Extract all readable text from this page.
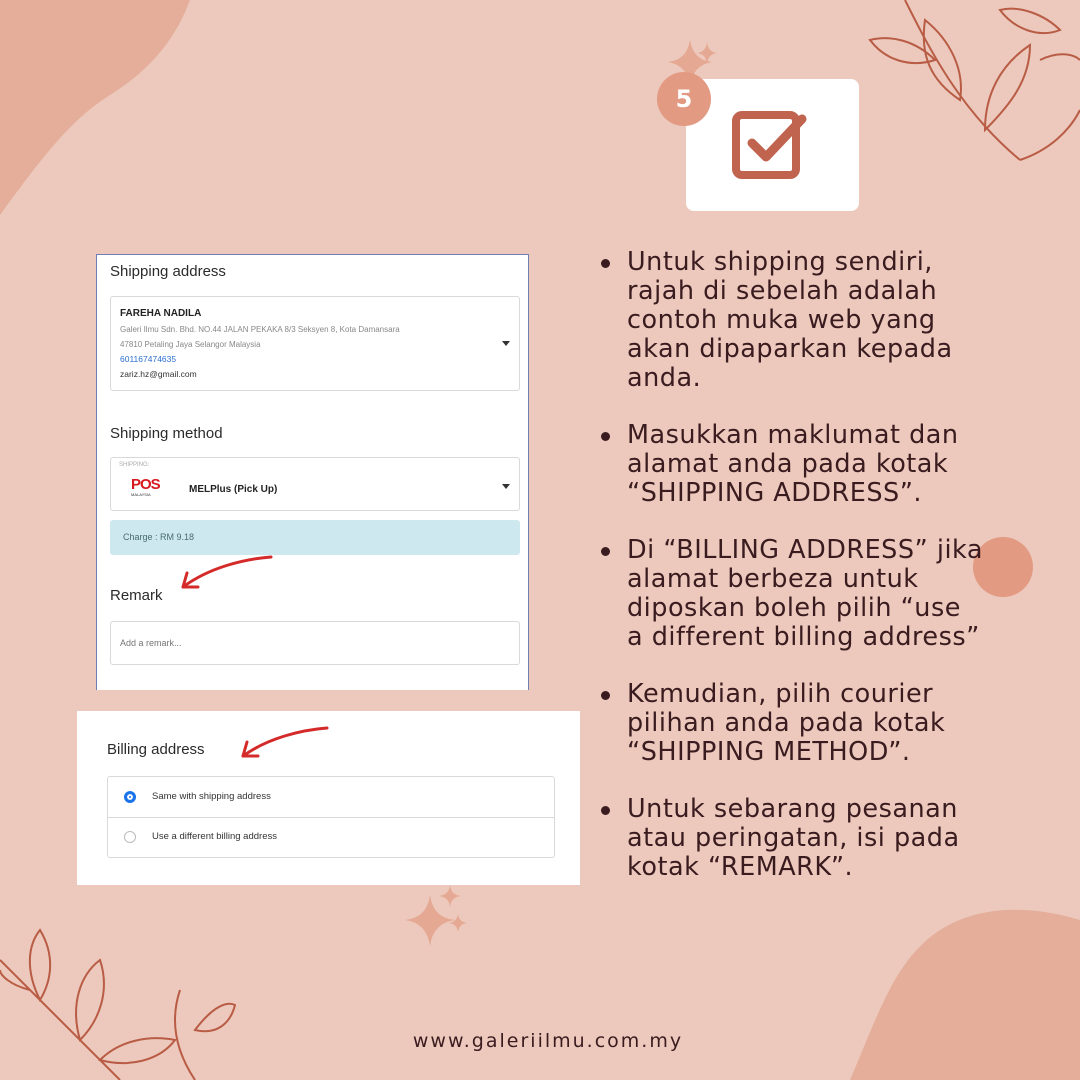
5
Shipping address
FAREHA NADILA
Galeri Ilmu Sdn. Bhd. NO.44 JALAN PEKAKA 8/3 Seksyen 8, Kota Damansara
47810 Petaling Jaya Selangor Malaysia
601167474635
zariz.hz@gmail.com
Shipping method
SHIPPING:
POS
MALAYSIA	MELPlus (Pick Up)
Charge : RM 9.18
Remark
Add a remark...
Billing address
Same with shipping address
Use a different billing address
Untuk shipping sendiri,
rajah di sebelah adalah
contoh muka web yang
akan dipaparkan kepada
anda.
Masukkan maklumat dan
alamat anda pada kotak
“SHIPPING ADDRESS”.
Di “BILLING ADDRESS” jika
alamat berbeza untuk
diposkan boleh pilih “use
a different billing address”
Kemudian, pilih courier
pilihan anda pada kotak
“SHIPPING METHOD”.
Untuk sebarang pesanan
atau peringatan, isi pada
kotak “REMARK”.
www.galeriilmu.com.my
